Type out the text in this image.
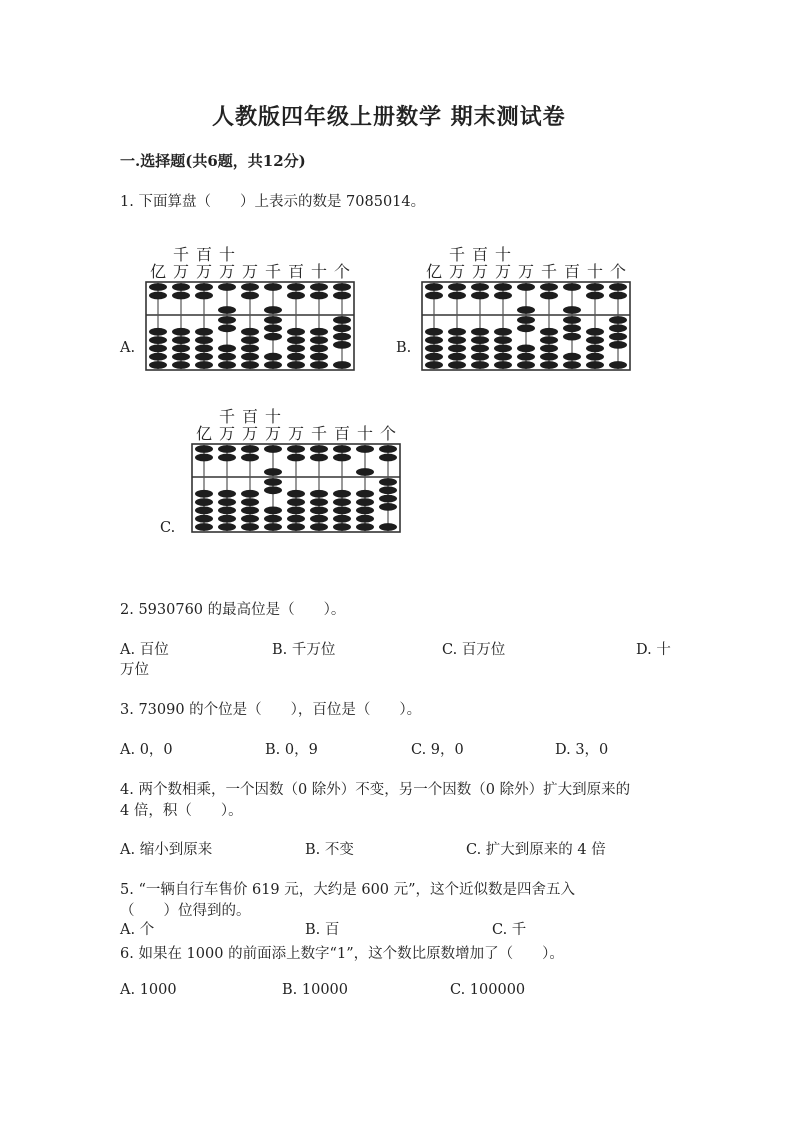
人教版四年级上册数学 期末测试卷
一.选择题(共6题，共12分)
1. 下面算盘（　　）上表示的数是 7085014。
A.
千 百 十
亿 万 万 万 万 千 百 十 个
B.
千 百 十
亿 万 万 万 万 千 百 十 个
C.
千 百 十
亿 万 万 万 万 千 百 十 个
2. 5930760 的最高位是（　　）。
A. 百位	B. 千万位	C. 百万位	D. 十
万位
3. 73090 的个位是（　　），百位是（　　）。
A. 0，0	B. 0，9	C. 9，0	D. 3，0
4. 两个数相乘，一个因数（0 除外）不变，另一个因数（0 除外）扩大到原来的
4 倍，积（　　）。
A. 缩小到原来	B. 不变	C. 扩大到原来的 4 倍
5. “一辆自行车售价 619 元，大约是 600 元”，这个近似数是四舍五入
（　　）位得到的。
A. 个	B. 百	C. 千
6. 如果在 1000 的前面添上数字“1”，这个数比原数增加了（　　）。
A. 1000	B. 10000	C. 100000
